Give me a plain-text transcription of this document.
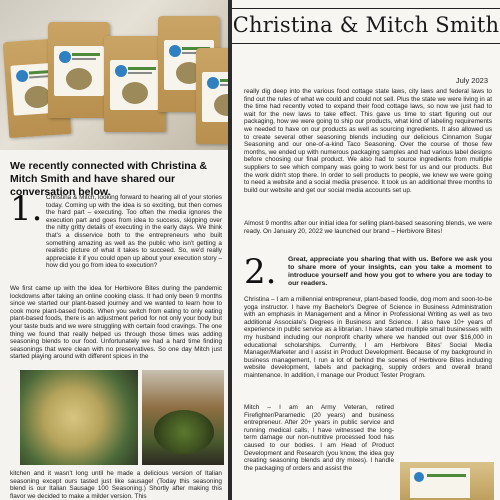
We recently connected with Christina & Mitch Smith and have shared our conversation below.
1. Christina & Mitch, looking forward to hearing all of your stories today. Coming up with the idea is so exciting, but then comes the hard part – executing. Too often the media ignores the execution part and goes from idea to success, skipping over the nitty gritty details of executing in the early days. We think that's a disservice both to the entrepreneurs who built something amazing as well as the public who isn't getting a realistic picture of what it takes to succeed. So, we'd really appreciate it if you could open up about your execution story – how did you go from idea to execution?
We first came up with the idea for Herbivore Bites during the pandemic lockdowns after taking an online cooking class. It had only been 9 months since we started our plant-based journey and we wanted to learn how to cook more plant-based foods. When you switch from eating to only eating plant-based foods, there is an adjustment period for not only your body but your taste buds and we were struggling with certain food cravings. The one thing we found that really helped us through those times was adding seasoning blends to our food. Unfortunately we had a hard time finding seasonings that were clean with no preservatives. So one day Mitch just started playing around with different spices in the
kitchen and it wasn't long until he made a delicious version of Italian seasoning except ours tasted just like sausage! (Today this seasoning blend is our Italian Sausage 100 Seasoning.) Shortly after making this flavor we decided to make a milder version. This
Christina & Mitch Smith
July 2023
really dig deep into the various food cottage state laws, city laws and federal laws to find out the rules of what we could and could not sell. Plus the state we were living in at the time had recently voted to expand their food cottage laws, so now we just had to wait for the new laws to take effect. This gave us time to start figuring out our packaging, how we were going to ship our products, what kind of labeling requirements we needed to have on our products as well as sourcing ingredients. It also allowed us to create several other seasoning blends including our delicious Cinnamon Sugar Seasoning and our one-of-a-kind Taco Seasoning. Over the course of those few months, we ended up with numerous packaging samples and had various label designs before choosing our final product. We also had to source ingredients from multiple suppliers to see which company was going to work best for us and our products. But the work didn't stop there. In order to sell products to people, we knew we were going to need a website and a social media presence. It took us an additional three months to build our website and get our social media accounts set up.
Almost 9 months after our initial idea for selling plant-based seasoning blends, we were ready. On January 20, 2022 we launched our brand – Herbivore Bites!
2. Great, appreciate you sharing that with us. Before we ask you to share more of your insights, can you take a moment to introduce yourself and how you got to where you are today to our readers.
Christina – I am a millennial entrepreneur, plant-based foodie, dog mom and soon-to-be yoga instructor. I have my Bachelor's Degree of Science in Business Administration with an emphasis in Management and a Minor in Professional Writing as well as two additional Associate's Degrees in Business and Science. I also have 10+ years of experience in public service as a librarian. I have started multiple small businesses with my husband including our nonprofit charity where we handed out over $16,000 in educational scholarships. Currently, I am Herbivore Bites' Social Media Manager/Marketer and I assist in Product Development. Because of my background in business management, I run a lot of behind the scenes of Herbivore Bites including website development, labels and packaging, supply orders and overall brand maintenance. In addition, I manage our Product Tester Program.
Mitch – I am an Army Veteran, retired Firefighter/Paramedic (20 years) and business entrepreneur. After 20+ years in public service and running medical calls, I have witnessed the long-term damage our non-nutritive processed food has caused to our bodies. I am Head of Product Development and Research (you know, the idea guy creating seasoning blends and dry mixes). I handle the packaging of orders and assist the
